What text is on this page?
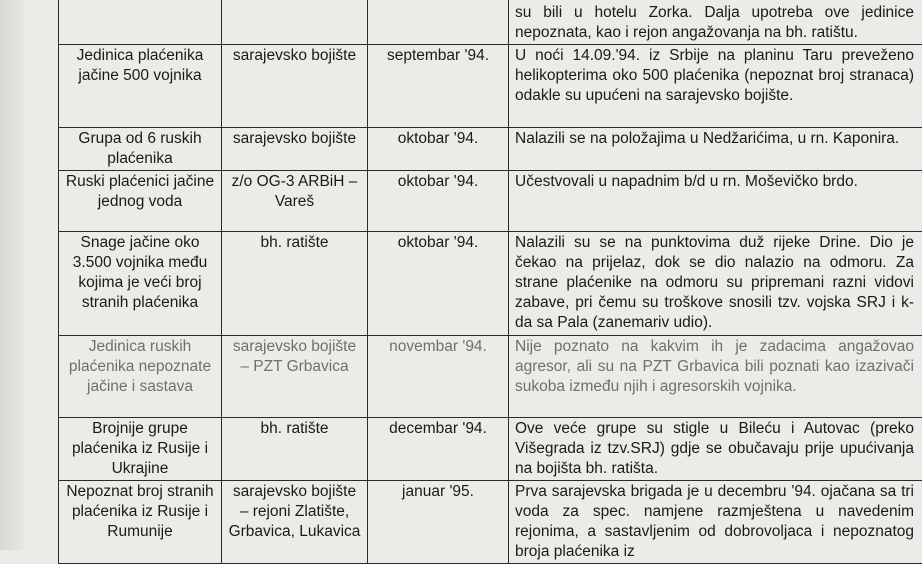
			su bili u hotelu Zorka. Dalja upotreba ove jedinice nepoznata, kao i rejon angažovanja na bh. ratištu.
Jedinica plaćenika jačine 500 vojnika	sarajevsko bojište	septembar '94.	U noći 14.09.'94. iz Srbije na planinu Taru preveženo helikopterima oko 500 plaćenika (nepoznat broj stranaca) odakle su upućeni na sarajevsko bojište.
Grupa od 6 ruskih plaćenika	sarajevsko bojište	oktobar '94.	Nalazili se na položajima u Nedžarićima, u rn. Kaponira.
Ruski plaćenici jačine jednog voda	z/o OG-3 ARBiH –Vareš	oktobar '94.	Učestvovali u napadnim b/d u rn. Moševičko brdo.
Snage jačine oko 3.500 vojnika među kojima je veći broj stranih plaćenika	bh. ratište	oktobar '94.	Nalazili su se na punktovima duž rijeke Drine. Dio je čekao na prijelaz, dok se dio nalazio na odmoru. Za strane plaćenike na odmoru su pripremani razni vidovi zabave, pri čemu su troškove snosili tzv. vojska SRJ i k-da sa Pala (zanemariv udio).
Jedinica ruskih plaćenika nepoznate jačine i sastava	sarajevsko bojište – PZT Grbavica	novembar '94.	Nije poznato na kakvim ih je zadacima angažovao agresor, ali su na PZT Grbavica bili poznati kao izazivači sukoba između njih i agresorskih vojnika.
Brojnije grupe plaćenika iz Rusije i Ukrajine	bh. ratište	decembar '94.	Ove veće grupe su stigle u Bileću i Autovac (preko Višegrada iz tzv.SRJ) gdje se obučavaju prije upućivanja na bojišta bh. ratišta.
Nepoznat broj stranih plaćenika iz Rusije i Rumunije	sarajevsko bojište – rejoni Zlatište, Grbavica, Lukavica	januar '95.	Prva sarajevska brigada je u decembru '94. ojačana sa tri voda za spec. namjene razmještena u navedenim rejonima, a sastavljenim od dobrovoljaca i nepoznatog broja plaćenika iz
